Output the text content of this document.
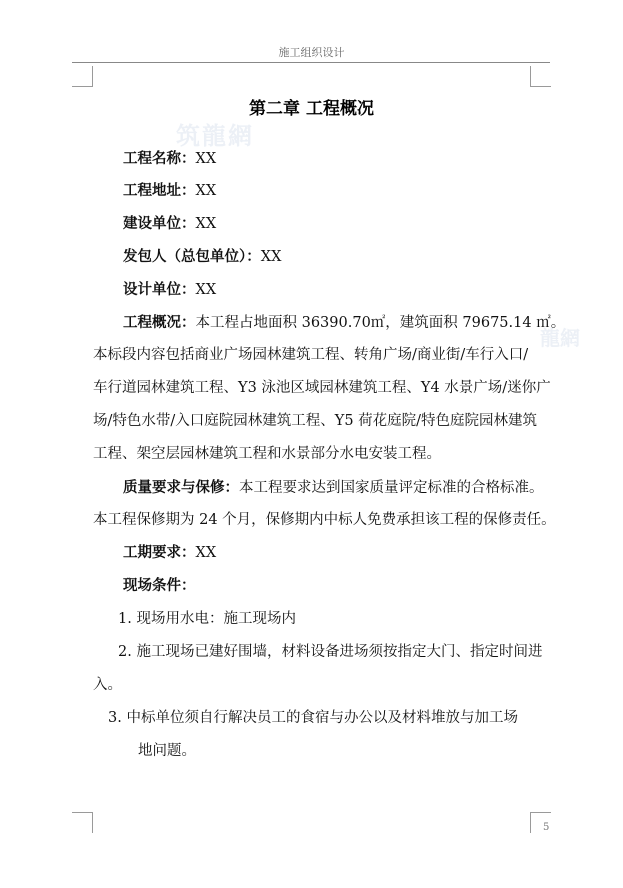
施工组织设计
筑龍網
龍網
第二章 工程概况
工程名称：XX
工程地址：XX
建设单位：XX
发包人（总包单位）：XX
设计单位：XX
工程概况：本工程占地面积 36390.70㎡，建筑面积 79675.14 ㎡。
本标段内容包括商业广场园林建筑工程、转角广场/商业街/车行入口/
车行道园林建筑工程、Y3 泳池区域园林建筑工程、Y4 水景广场/迷你广
场/特色水带/入口庭院园林建筑工程、Y5 荷花庭院/特色庭院园林建筑
工程、架空层园林建筑工程和水景部分水电安装工程。
质量要求与保修：本工程要求达到国家质量评定标准的合格标准。
本工程保修期为 24 个月，保修期内中标人免费承担该工程的保修责任。
工期要求：XX
现场条件：
1. 现场用水电：施工现场内
2. 施工现场已建好围墙，材料设备进场须按指定大门、指定时间进
入。
3. 中标单位须自行解决员工的食宿与办公以及材料堆放与加工场
地问题。
5
